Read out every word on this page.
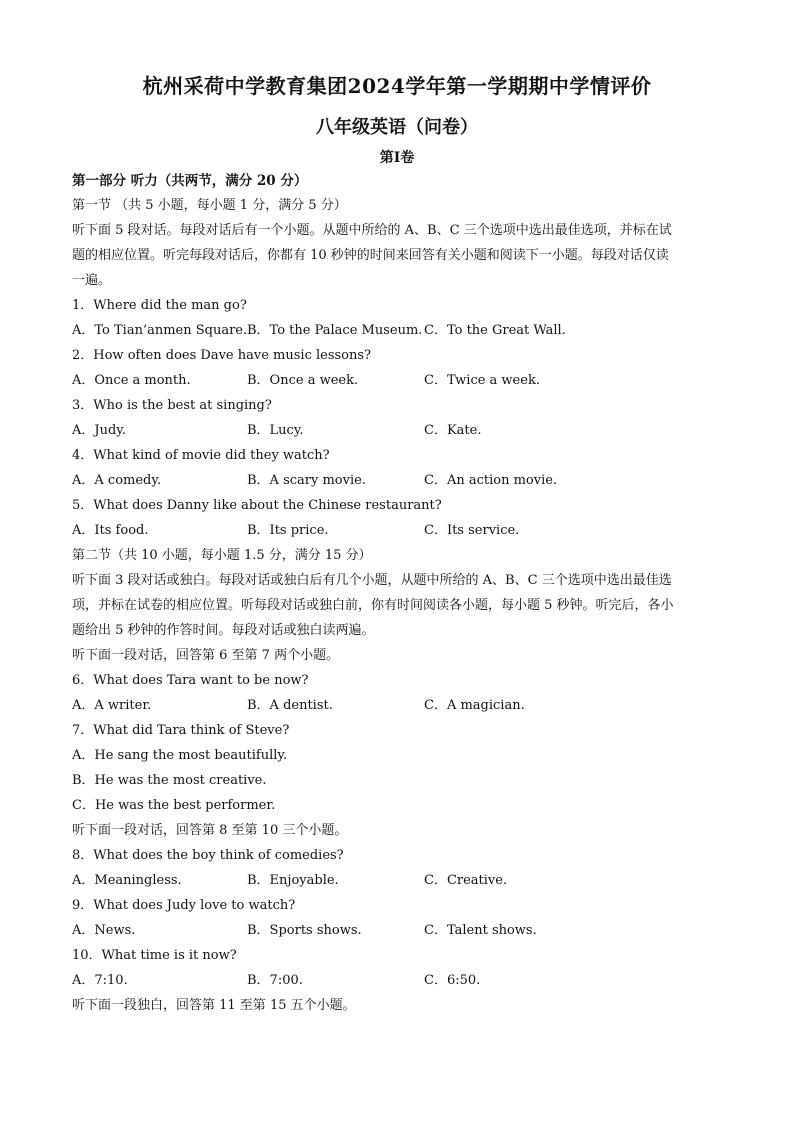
杭州采荷中学教育集团2024学年第一学期期中学情评价
八年级英语（问卷）
第Ⅰ卷
第一部分 听力（共两节，满分 20 分）
第一节 （共 5 小题，每小题 1 分，满分 5 分）
听下面 5 段对话。每段对话后有一个小题。从题中所给的 A、B、C 三个选项中选出最佳选项，并标在试
题的相应位置。听完每段对话后，你都有 10 秒钟的时间来回答有关小题和阅读下一小题。每段对话仅读
一遍。
1．Where did the man go?
A．To Tian’anmen Square. B．To the Palace Museum. C．To the Great Wall.
2．How often does Dave have music lessons?
A．Once a month.	B．Once a week.	C．Twice a week.
3．Who is the best at singing?
A．Judy.	B．Lucy.	C．Kate.
4．What kind of movie did they watch?
A．A comedy.	B．A scary movie.	C．An action movie.
5．What does Danny like about the Chinese restaurant?
A．Its food.	B．Its price.	C．Its service.
第二节（共 10 小题，每小题 1.5 分，满分 15 分）
听下面 3 段对话或独白。每段对话或独白后有几个小题，从题中所给的 A、B、C 三个选项中选出最佳选
项，并标在试卷的相应位置。听每段对话或独白前，你有时间阅读各小题，每小题 5 秒钟。听完后，各小
题给出 5 秒钟的作答时间。每段对话或独白读两遍。
听下面一段对话，回答第 6 至第 7 两个小题。
6．What does Tara want to be now?
A．A writer.	B．A dentist.	C．A magician.
7．What did Tara think of Steve?
A．He sang the most beautifully.
B．He was the most creative.
C．He was the best performer.
听下面一段对话，回答第 8 至第 10 三个小题。
8．What does the boy think of comedies?
A．Meaningless.	B．Enjoyable.	C．Creative.
9．What does Judy love to watch?
A．News.	B．Sports shows.	C．Talent shows.
10．What time is it now?
A．7:10.	B．7:00.	C．6:50.
听下面一段独白，回答第 11 至第 15 五个小题。
